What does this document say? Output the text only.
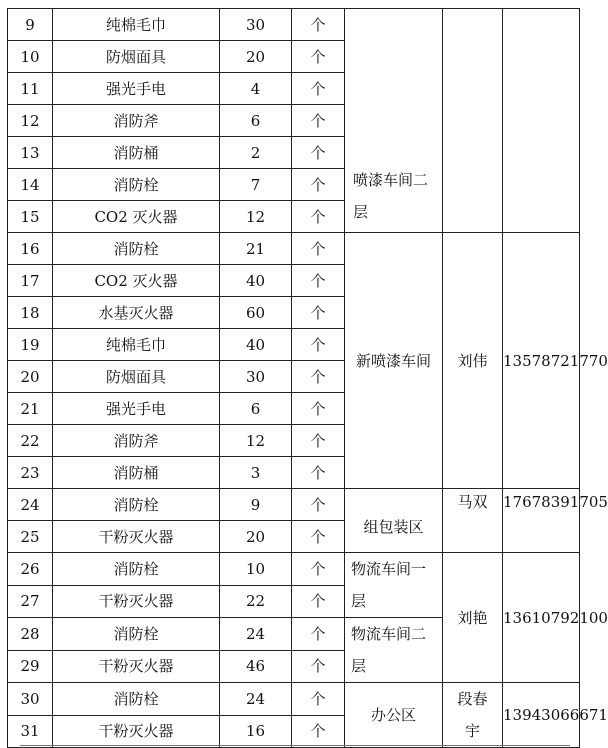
9	纯棉毛巾	30	个	喷漆车间二层		

10	防烟面具	20	个			
11	强光手电	4	个			
12	消防斧	6	个			
13	消防桶	2	个			
14	消防栓	7	个			
15	CO2 灭火器	12	个			
16	消防栓	21	个	新喷漆车间	刘伟	13578721770
17	CO2 灭火器	40	个			
18	水基灭火器	60	个			
19	纯棉毛巾	40	个			
20	防烟面具	30	个			
21	强光手电	6	个			
22	消防斧	12	个			
23	消防桶	3	个			
24	消防栓	9	个	组包装区	马双	17678391705
25	干粉灭火器	20	个			
26	消防栓	10	个	物流车间一层	刘艳	13610792100
27	干粉灭火器	22	个			
28	消防栓	24	个	物流车间二层		

29	干粉灭火器	46	个			
30	消防栓	24	个	办公区	段春宇	13943066671
31	干粉灭火器	16	个			
